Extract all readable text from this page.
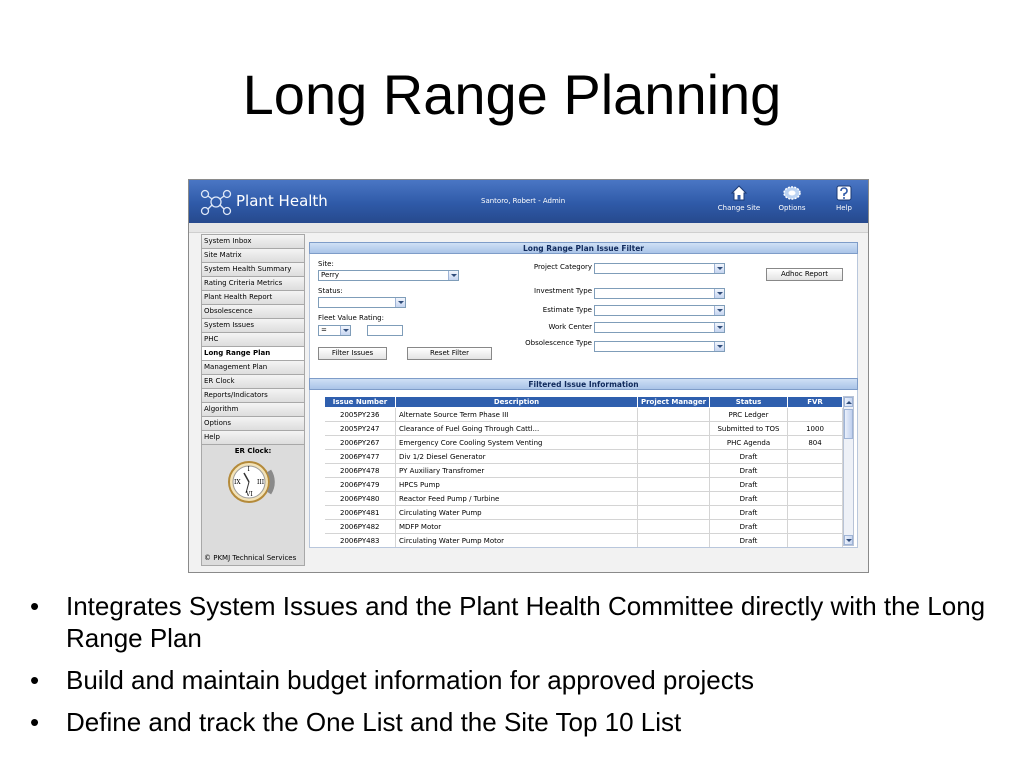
Long Range Planning
Plant Health	Santoro, Robert - Admin
Change Site	Options	Help
System Inbox
Site Matrix
System Health Summary
Rating Criteria Metrics
Plant Health Report
Obsolescence
System Issues
PHC
Long Range Plan
Management Plan
ER Clock
Reports/Indicators
Algorithm
Options
Help
ER Clock:
I
IX	III
VI
© PKMJ Technical Services
Long Range Plan Issue Filter
Site:
Perry
Status:
Fleet Value Rating:
=
Filter Issues	Reset Filter
Project Category
Investment Type
Estimate Type
Work Center
Obsolescence Type
Adhoc Report
Filtered Issue Information
Issue Number	Description	Project Manager	Status	FVR
2005PY236	Alternate Source Term Phase III		PRC Ledger	
2005PY247	Clearance of Fuel Going Through Cattl...		Submitted to TOS	1000
2006PY267	Emergency Core Cooling System Venting		PHC Agenda	804
2006PY477	Div 1/2 Diesel Generator		Draft	
2006PY478	PY Auxiliary Transfromer		Draft	
2006PY479	HPCS Pump		Draft	
2006PY480	Reactor Feed Pump / Turbine		Draft	
2006PY481	Circulating Water Pump		Draft	
2006PY482	MDFP Motor		Draft	
2006PY483	Circulating Water Pump Motor		Draft	
• Integrates System Issues and the Plant Health Committee directly with the Long Range Plan
• Build and maintain budget information for approved projects
• Define and track the One List and the Site Top 10 List
